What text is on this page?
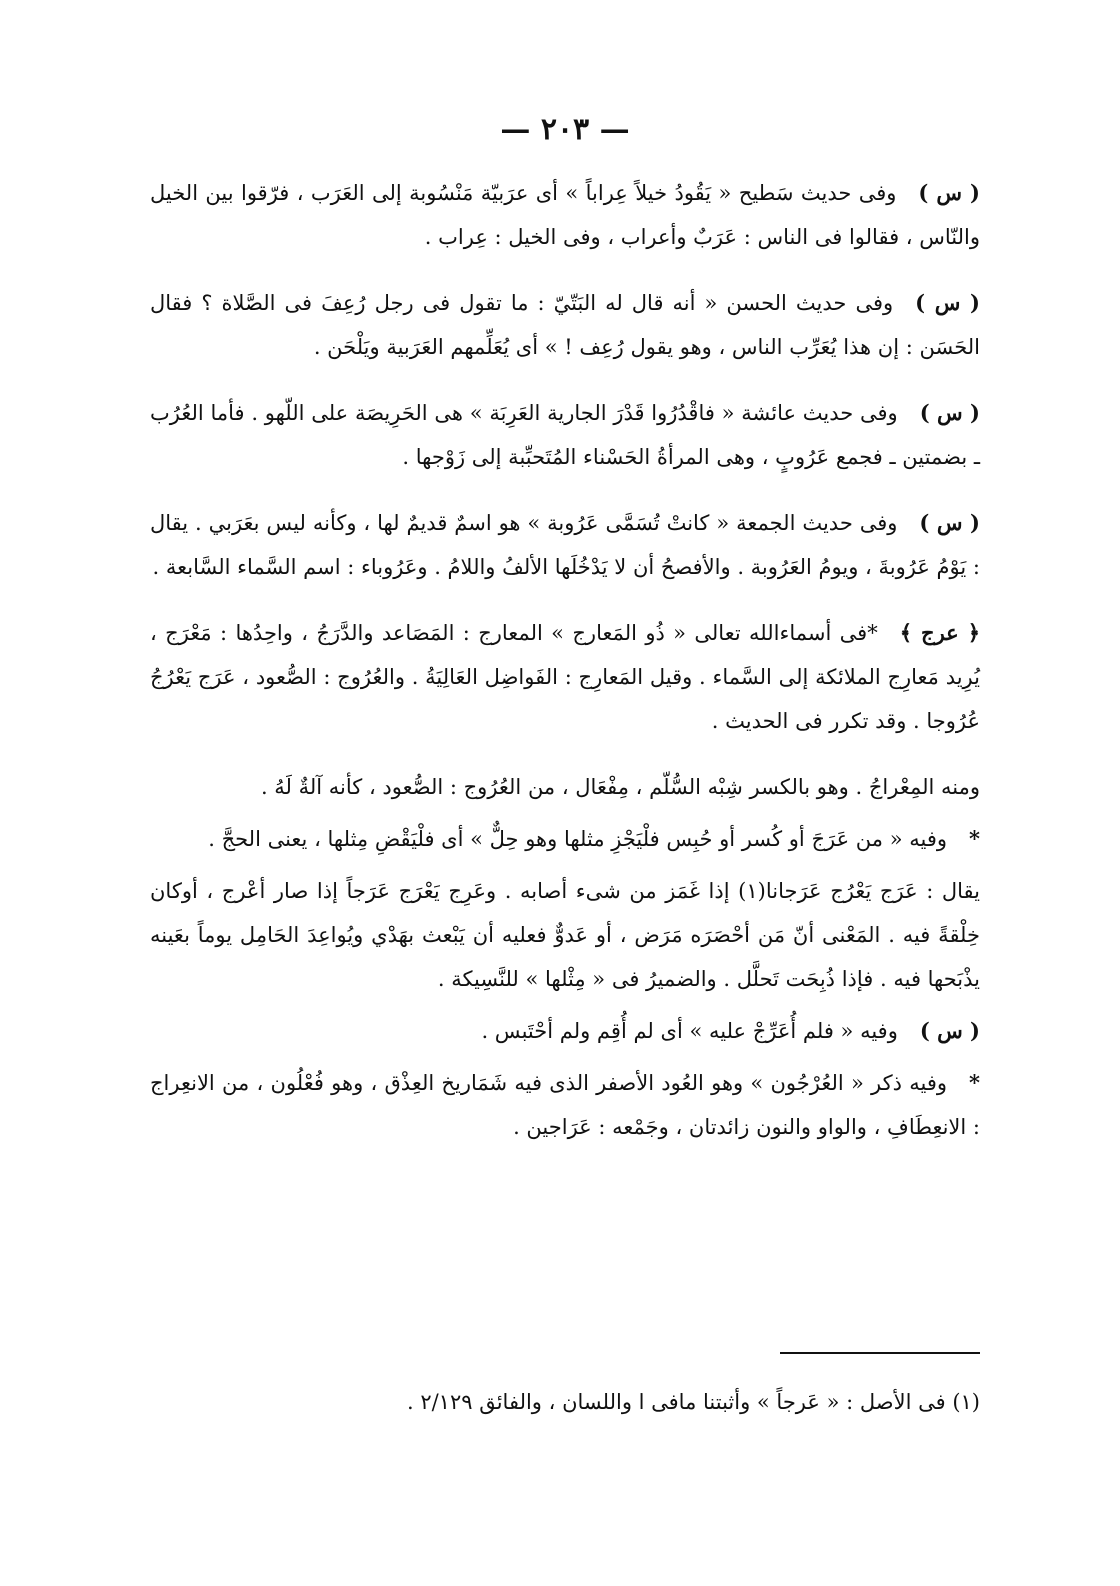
— ٢٠٣ —

( س )وفى حديث سَطيح « يَقُودُ خيلاً عِراباً » أى عرَبيّة مَنْسُوبة إلى العَرَب ، فرّقوا بين الخيل والنّاس ، فقالوا فى الناس : عَرَبٌ وأعراب ، وفى الخيل : عِراب .

( س )وفى حديث الحسن « أنه قال له البَتّيّ : ما تقول فى رجل رُعِفَ فى الصَّلاة ؟ فقال الحَسَن : إن هذا يُعَرِّب الناس ، وهو يقول رُعِف ! » أى يُعَلِّمهم العَرَبية ويَلْحَن .

( س )وفى حديث عائشة « فاقْدُرُوا قَدْرَ الجارية العَرِبَة » هى الحَرِيصَة على اللّهو . فأما العُرُب ـ بضمتين ـ فجمع عَرُوبٍ ، وهى المرأةُ الحَسْناء المُتَحبِّبة إلى زَوْجها .

( س )وفى حديث الجمعة « كانتْ تُسَمَّى عَرُوبة » هو اسمٌ قديمٌ لها ، وكأنه ليس بعَرَبي . يقال : يَوْمُ عَرُوبةَ ، ويومُ العَرُوبة . والأفصحُ أن لا يَدْخُلَها الألفُ واللامُ . وعَرُوباء : اسم السَّماء السَّابعة .

﴿ عرج ﴾*فى أسماءالله تعالى « ذُو المَعارج » المعارج : المَصَاعد والدَّرَجُ ، واحِدُها : مَعْرَج ، يُرِيد مَعارِج الملائكة إلى السَّماء . وقيل المَعارِج : الفَواضِل العَالِيَةُ . والعُرُوج : الصُّعود ، عَرَج يَعْرُجُ عُرُوجا . وقد تكرر فى الحديث .

ومنه المِعْراجُ . وهو بالكسر شِبْه السُّلّم ، مِفْعَال ، من العُرُوج : الصُّعود ، كأنه آلةٌ لَهُ .

*وفيه « من عَرَجَ أو كُسر أو حُبِس فلْيَجْزِ مثلها وهو حِلٌّ » أى فلْيَقْضِ مِثلها ، يعنى الحجَّ .

يقال : عَرَج يَعْرُج عَرَجانا(١) إذا غَمَز من شىء أصابه . وعَرِج يَعْرَج عَرَجاً إذا صار أعْرج ، أوكان خِلْقةً فيه . المَعْنى أنّ مَن أحْصَرَه مَرَض ، أو عَدوٌّ فعليه أن يَبْعث بهَدْي ويُواعِدَ الحَامِل يوماً بعَينه يذْبَحها فيه . فإذا ذُبِحَت تَحلَّل . والضميرُ فى « مِثْلها » للنَّسِيكة .

( س )وفيه « فلم أُعَرِّجْ عليه » أى لم أُقِم ولم أحْتَبس .

*وفيه ذكر « العُرْجُون » وهو العُود الأصفر الذى فيه شَمَاريخ العِذْق ، وهو فُعْلُون ، من الانعِراج : الانعِطَافِ ، والواو والنون زائدتان ، وجَمْعه : عَرَاجين .

(١) فى الأصل : « عَرجاً » وأثبتنا مافى ا واللسان ، والفائق ٢/١٢٩ .
